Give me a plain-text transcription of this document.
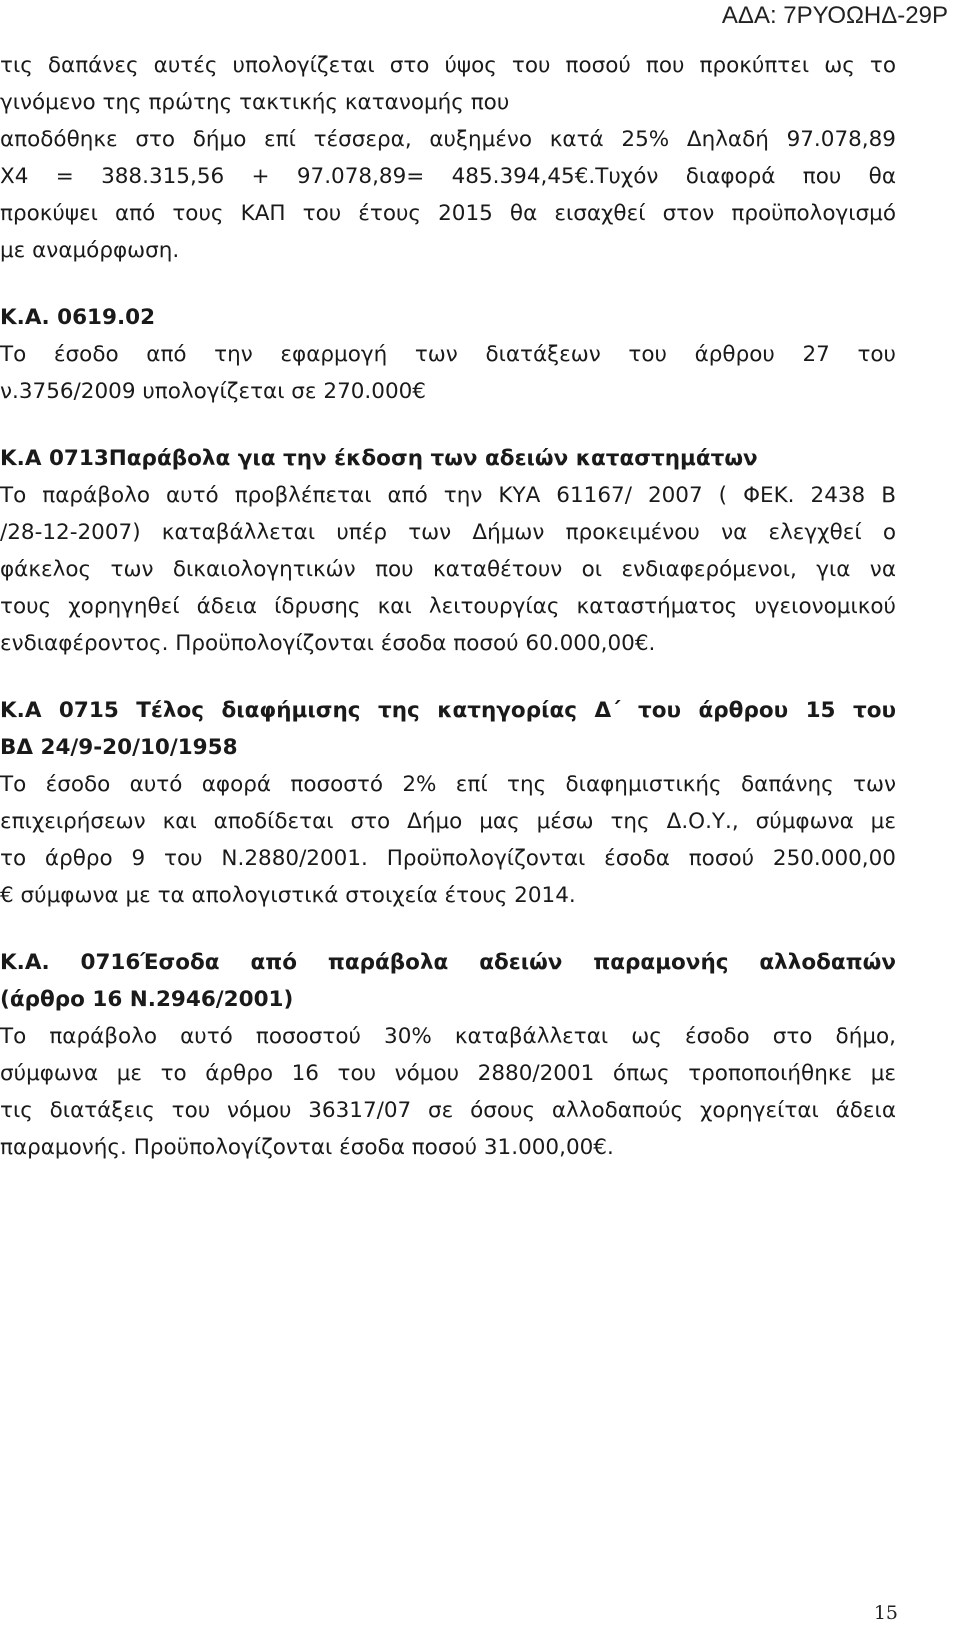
ΑΔΑ: 7ΡΥΟΩΗΔ-29Ρ
τις δαπάνες αυτές υπολογίζεται στο ύψος του ποσού που προκύπτει ως το
γινόμενο της πρώτης τακτικής κατανομής που
αποδόθηκε στο δήμο επί τέσσερα, αυξημένο κατά 25% Δηλαδή 97.078,89
Χ4 = 388.315,56 + 97.078,89= 485.394,45€.Τυχόν διαφορά που θα
προκύψει από τους ΚΑΠ του έτους 2015 θα εισαχθεί στον προϋπολογισμό
με αναμόρφωση.
Κ.Α. 0619.02
Το έσοδο από την εφαρμογή των διατάξεων του άρθρου 27 του
ν.3756/2009 υπολογίζεται σε 270.000€
Κ.Α 0713Παράβολα για την έκδοση των αδειών καταστημάτων
Το παράβολο αυτό προβλέπεται από την ΚΥΑ 61167/ 2007 ( ΦΕΚ. 2438 Β
/28-12-2007) καταβάλλεται υπέρ των Δήμων προκειμένου να ελεγχθεί ο
φάκελος των δικαιολογητικών που καταθέτουν οι ενδιαφερόμενοι, για να
τους χορηγηθεί άδεια ίδρυσης και λειτουργίας καταστήματος υγειονομικού
ενδιαφέροντος. Προϋπολογίζονται έσοδα ποσού 60.000,00€.
Κ.Α 0715 Τέλος διαφήμισης της κατηγορίας Δ΄ του άρθρου 15 του
ΒΔ 24/9-20/10/1958
Το έσοδο αυτό αφορά ποσοστό 2% επί της διαφημιστικής δαπάνης των
επιχειρήσεων και αποδίδεται στο Δήμο μας μέσω της Δ.Ο.Υ., σύμφωνα με
το άρθρο 9 του Ν.2880/2001. Προϋπολογίζονται έσοδα ποσού 250.000,00
€ σύμφωνα με τα απολογιστικά στοιχεία έτους 2014.
Κ.Α. 0716Έσοδα από παράβολα αδειών παραμονής αλλοδαπών
(άρθρο 16 Ν.2946/2001)
Το παράβολο αυτό ποσοστού 30% καταβάλλεται ως έσοδο στο δήμο,
σύμφωνα με το άρθρο 16 του νόμου 2880/2001 όπως τροποποιήθηκε με
τις διατάξεις του νόμου 36317/07 σε όσους αλλοδαπούς χορηγείται άδεια
παραμονής. Προϋπολογίζονται έσοδα ποσού 31.000,00€.
15
